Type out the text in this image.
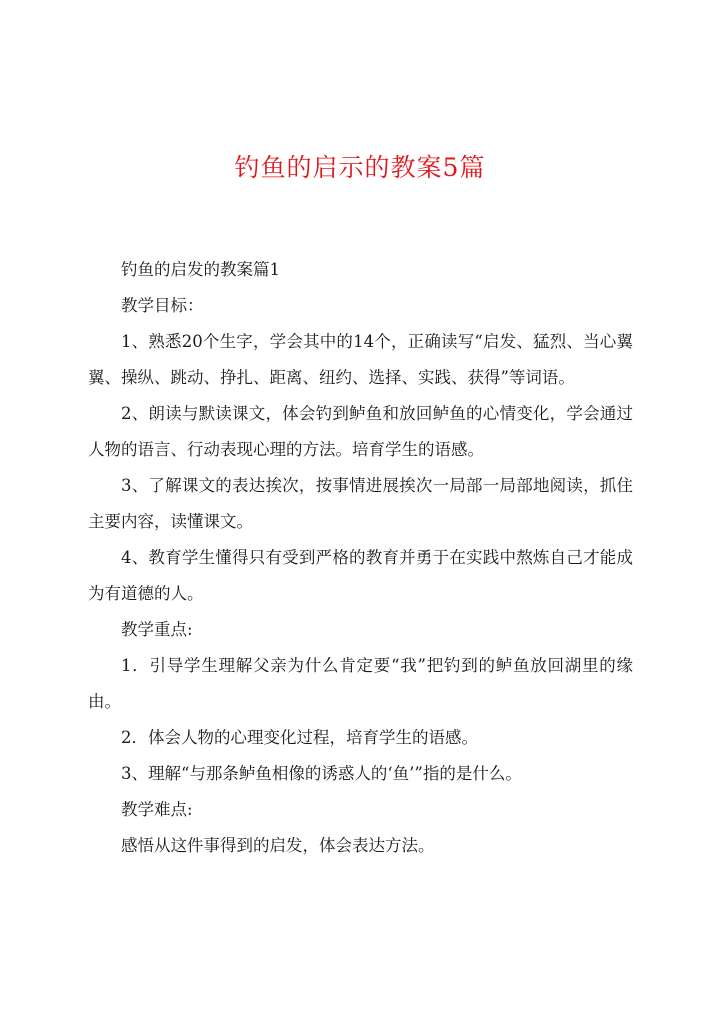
钓鱼的启示的教案5篇

钓鱼的启发的教案篇1

教学目标：

1、熟悉20个生字，学会其中的14个，正确读写“启发、猛烈、当心翼翼、操纵、跳动、挣扎、距离、纽约、选择、实践、获得”等词语。

2、朗读与默读课文，体会钓到鲈鱼和放回鲈鱼的心情变化，学会通过人物的语言、行动表现心理的方法。培育学生的语感。

3、了解课文的表达挨次，按事情进展挨次一局部一局部地阅读，抓住主要内容，读懂课文。

4、教育学生懂得只有受到严格的教育并勇于在实践中熬炼自己才能成为有道德的人。

教学重点:

1．引导学生理解父亲为什么肯定要“我”把钓到的鲈鱼放回湖里的缘由。

2．体会人物的心理变化过程，培育学生的语感。

3、理解“与那条鲈鱼相像的诱惑人的‘鱼’”指的是什么。

教学难点:

感悟从这件事得到的启发，体会表达方法。
